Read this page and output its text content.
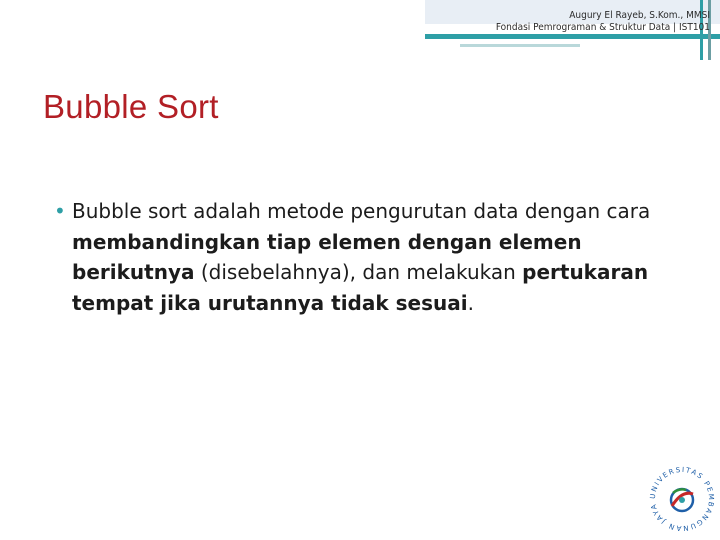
Augury El Rayeb, S.Kom., MMSI
Fondasi Pemrograman & Struktur Data | IST101
Bubble Sort
• Bubble sort adalah metode pengurutan data dengan cara membandingkan tiap elemen dengan elemen berikutnya (disebelahnya), dan melakukan pertukaran tempat jika urutannya tidak sesuai.
UNIVERSITAS PEMBANGUNAN JAYA
